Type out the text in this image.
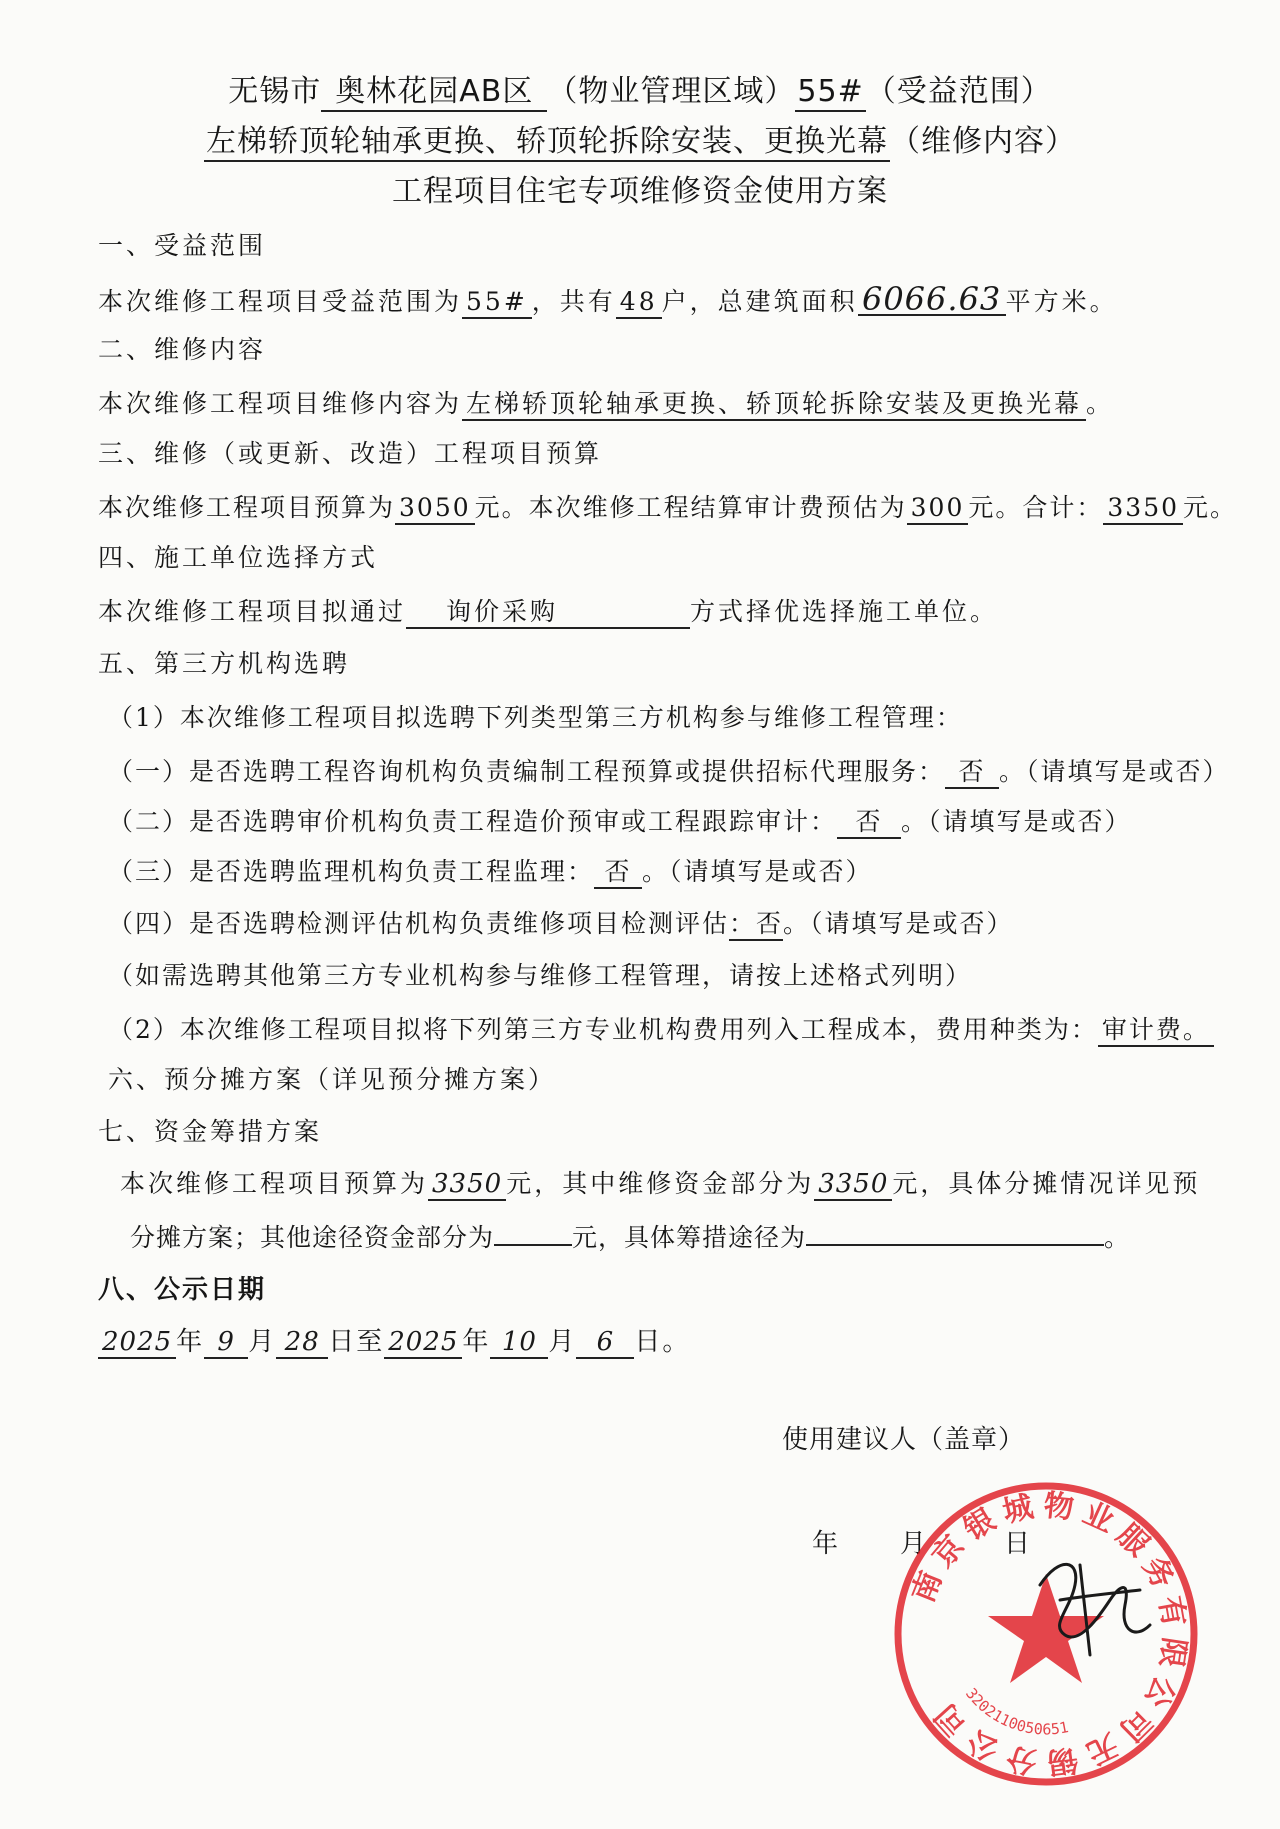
无锡市 奥林花园AB区 （物业管理区域）55#（受益范围）
左梯轿顶轮轴承更换、轿顶轮拆除安装、更换光幕（维修内容）
工程项目住宅专项维修资金使用方案
一、受益范围
本次维修工程项目受益范围为 55# ，共有 48 户，总建筑面积 6066.63 平方米。
二、维修内容
本次维修工程项目维修内容为 左梯轿顶轮轴承更换、轿顶轮拆除安装及更换光幕 。
三、维修（或更新、改造）工程项目预算
本次维修工程项目预算为 3050 元。本次维修工程结算审计费预估为 300 元。合计： 3350 元。
四、施工单位选择方式
本次维修工程项目拟通过 询价采购	方式择优选择施工单位。
五、第三方机构选聘
（1）本次维修工程项目拟选聘下列类型第三方机构参与维修工程管理：
（一）是否选聘工程咨询机构负责编制工程预算或提供招标代理服务： 否 。（请填写是或否）
（二）是否选聘审价机构负责工程造价预审或工程跟踪审计： 否 。（请填写是或否）
（三）是否选聘监理机构负责工程监理： 否 。（请填写是或否）
（四）是否选聘检测评估机构负责维修项目检测评估：否。（请填写是或否）
（如需选聘其他第三方专业机构参与维修工程管理，请按上述格式列明）
（2）本次维修工程项目拟将下列第三方专业机构费用列入工程成本，费用种类为： 审计费。
六、预分摊方案（详见预分摊方案）
七、资金筹措方案
本次维修工程项目预算为 3350 元，其中维修资金部分为 3350 元，具体分摊情况详见预
分摊方案；其他途径资金部分为	元，具体筹措途径为	。
八、公示日期
2025 年 9 月 28 日至 2025 年 10 月 6 日。
使用建议人（盖章）
年 月	日
南京银城物业服务有限公司无锡分公司
3202110050651
